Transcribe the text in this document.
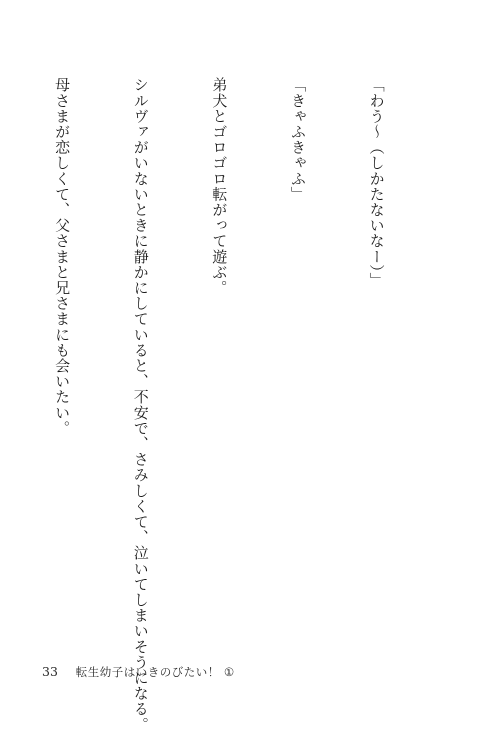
「わう～（しかたないなー）」

「きゃふきゃふ」

弟犬とゴロゴロ転がって遊ぶ。

シルヴァがいないときに静かにしていると、不安で、さみしくて、泣いてしまいそうになる。

母さまが恋しくて、父さまと兄さまにも会いたい。

33 転生幼子はいきのびたい！ ①
